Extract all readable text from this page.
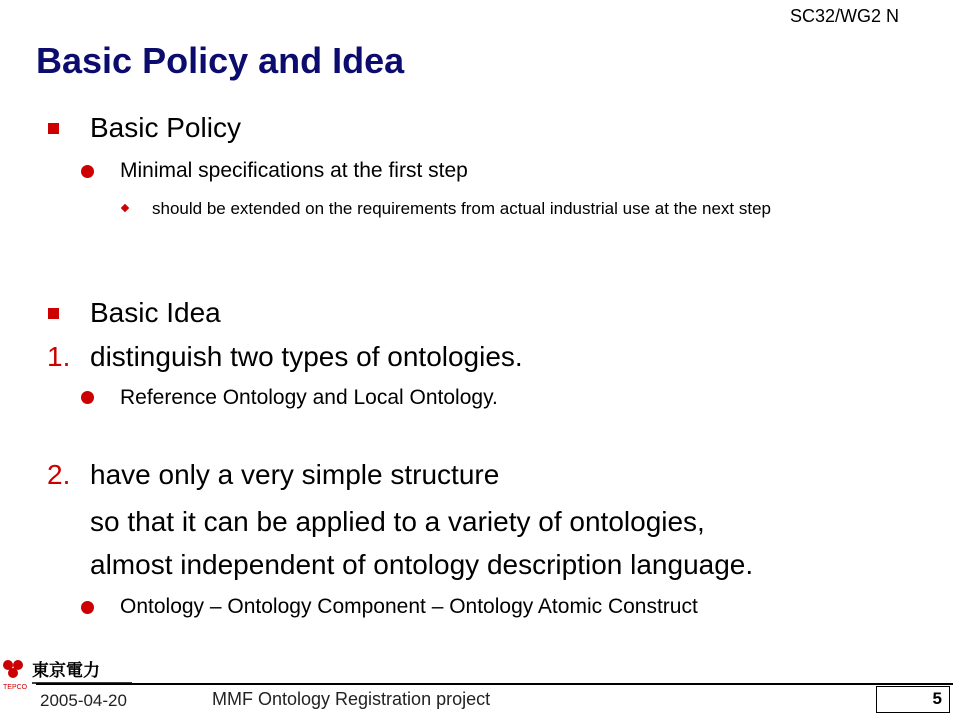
SC32/WG2 N
Basic Policy and Idea
Basic Policy
Minimal specifications at the first step
should be extended on the requirements from actual industrial use at the next step
Basic Idea
1. distinguish two types of ontologies.
Reference Ontology and Local Ontology.
2. have only a very simple structure
so that it can be applied to a variety of ontologies,
almost independent of ontology description language.
Ontology – Ontology Component – Ontology Atomic Construct
TEPCO
東京電力
2005-04-20	MMF Ontology Registration project	5
